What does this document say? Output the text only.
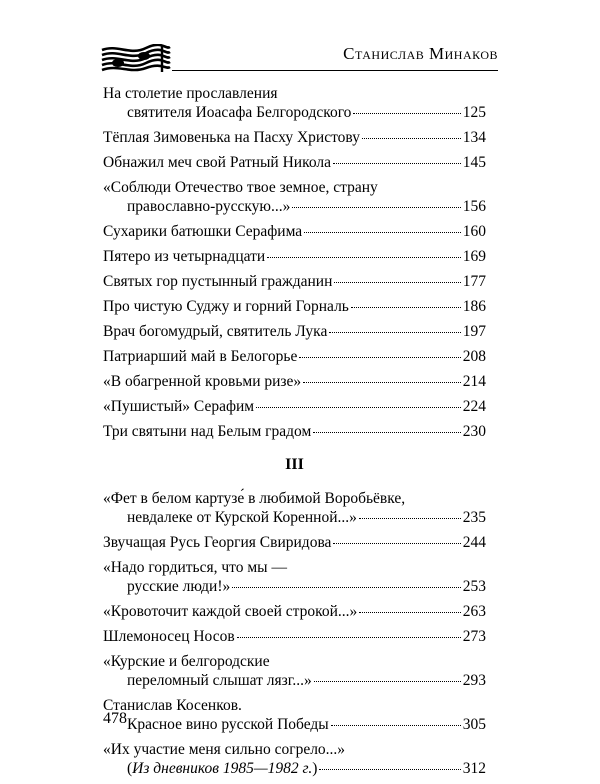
Станислав Минаков
На столетие прославления
святителя Иоасафа Белгородского	125
Тёплая Зимовенька на Пасху Христову	134
Обнажил меч свой Ратный Никола	145
«Соблюди Отечество твое земное, страну
православно-русскую...»	156
Сухарики батюшки Серафима	160
Пятеро из четырнадцати	169
Святых гор пустынный гражданин	177
Про чистую Суджу и горний Горналь	186
Врач богомудрый, святитель Лука	197
Патриарший май в Белогорье	208
«В обагренной кровьми ризе»	214
«Пушистый» Серафим	224
Три святыни над Белым градом	230
III
«Фет в белом картузе́ в любимой Воробьёвке,
невдалеке от Курской Коренной...»	235
Звучащая Русь Георгия Свиридова	244
«Надо гордиться, что мы —
русские люди!»	253
«Кровоточит каждой своей строкой...»	263
Шлемоносец Носов	273
«Курские и белгородские
переломный слышат лязг...»	293
Станислав Косенков.
Красное вино русской Победы	305
«Их участие меня сильно согрело...»
(Из дневников 1985—1982 г.)	312
478
